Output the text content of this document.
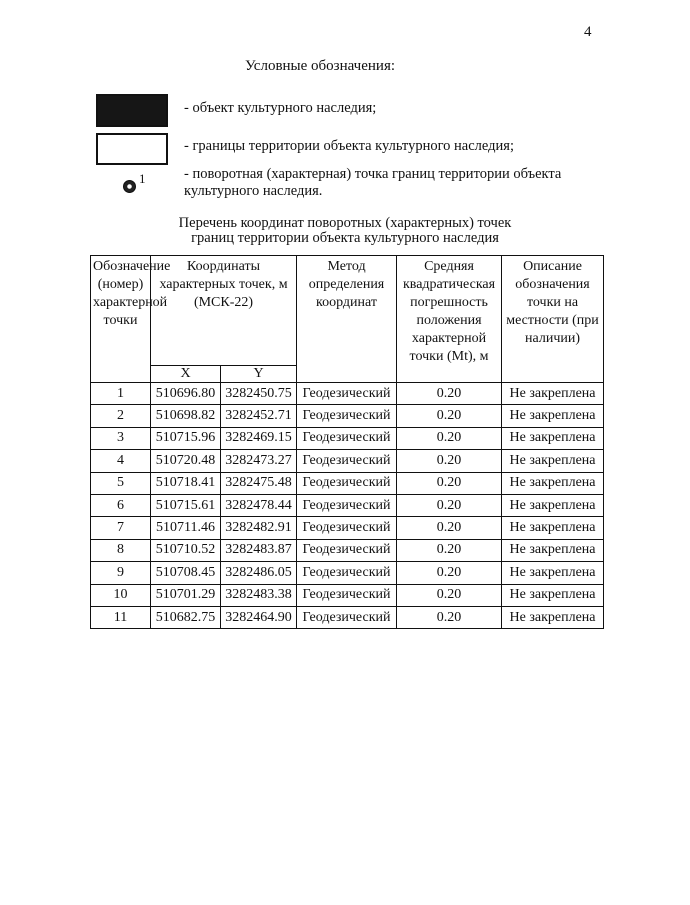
4
Условные обозначения:
- объект культурного наследия;
- границы территории объекта культурного наследия;
1	- поворотная (характерная) точка границ территории объекта культурного наследия.
Перечень координат поворотных (характерных) точек
границ территории объекта культурного наследия
Обозначение (номер) характерной точки	Координаты характерных точек, м (МСК-22)		Метод определения координат	Средняя квадратическая погрешность положения характерной точки (Mt), м	Описание обозначения точки на местности (при наличии)
	X	Y			
1	510696.80	3282450.75	Геодезический	0.20	Не закреплена
2	510698.82	3282452.71	Геодезический	0.20	Не закреплена
3	510715.96	3282469.15	Геодезический	0.20	Не закреплена
4	510720.48	3282473.27	Геодезический	0.20	Не закреплена
5	510718.41	3282475.48	Геодезический	0.20	Не закреплена
6	510715.61	3282478.44	Геодезический	0.20	Не закреплена
7	510711.46	3282482.91	Геодезический	0.20	Не закреплена
8	510710.52	3282483.87	Геодезический	0.20	Не закреплена
9	510708.45	3282486.05	Геодезический	0.20	Не закреплена
10	510701.29	3282483.38	Геодезический	0.20	Не закреплена
11	510682.75	3282464.90	Геодезический	0.20	Не закреплена
